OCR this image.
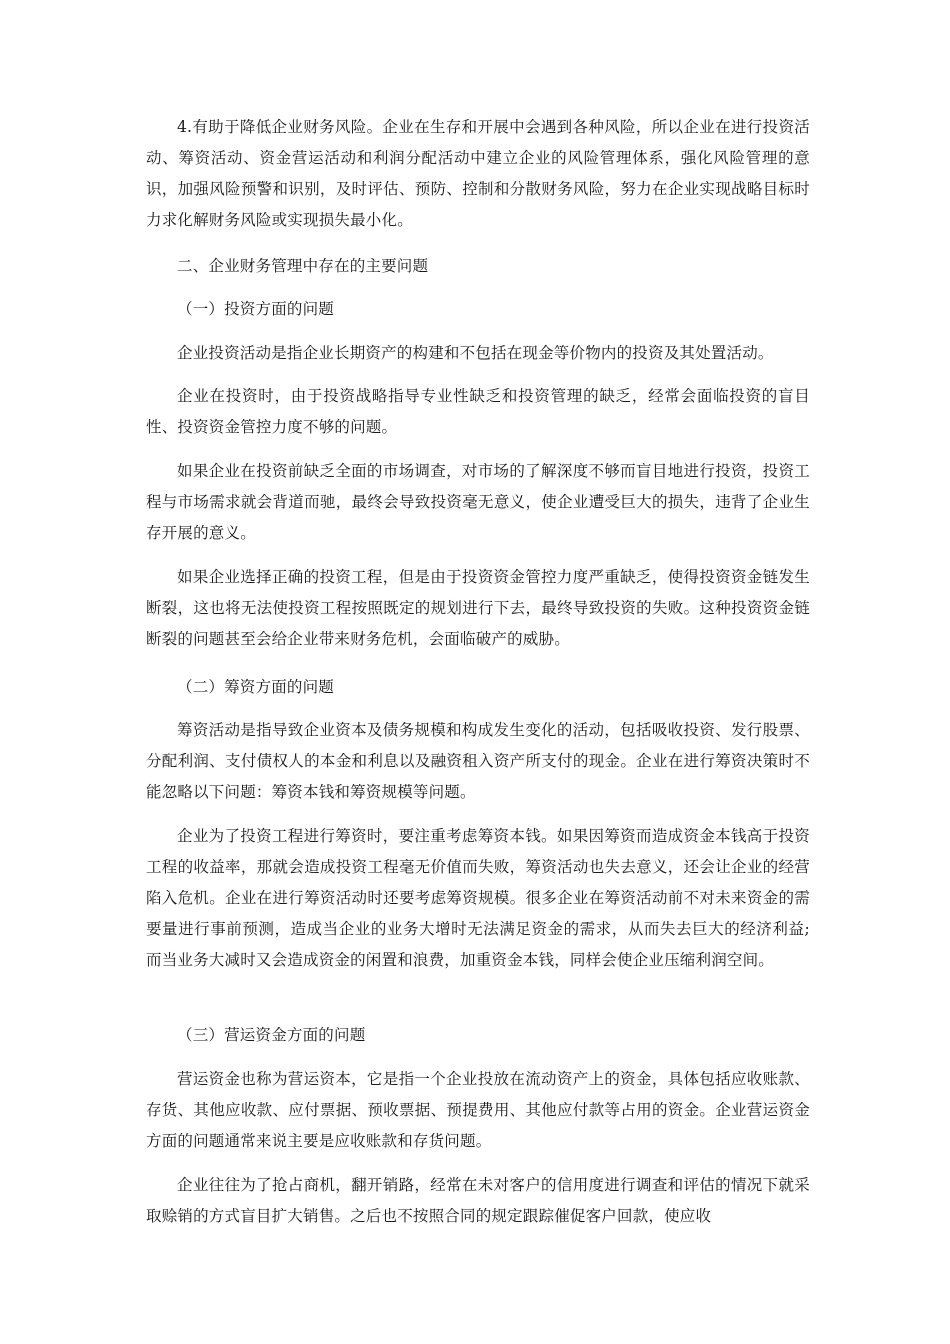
4.有助于降低企业财务风险。企业在生存和开展中会遇到各种风险，所以企业在进行投资活动、筹资活动、资金营运活动和利润分配活动中建立企业的风险管理体系，强化风险管理的意识，加强风险预警和识别，及时评估、预防、控制和分散财务风险，努力在企业实现战略目标时力求化解财务风险或实现损失最小化。

二、企业财务管理中存在的主要问题

（一）投资方面的问题

企业投资活动是指企业长期资产的构建和不包括在现金等价物内的投资及其处置活动。

企业在投资时，由于投资战略指导专业性缺乏和投资管理的缺乏，经常会面临投资的盲目性、投资资金管控力度不够的问题。

如果企业在投资前缺乏全面的市场调查，对市场的了解深度不够而盲目地进行投资，投资工程与市场需求就会背道而驰，最终会导致投资毫无意义，使企业遭受巨大的损失，违背了企业生存开展的意义。

如果企业选择正确的投资工程，但是由于投资资金管控力度严重缺乏，使得投资资金链发生断裂，这也将无法使投资工程按照既定的规划进行下去，最终导致投资的失败。这种投资资金链断裂的问题甚至会给企业带来财务危机，会面临破产的威胁。

（二）筹资方面的问题

筹资活动是指导致企业资本及债务规模和构成发生变化的活动，包括吸收投资、发行股票、分配利润、支付债权人的本金和利息以及融资租入资产所支付的现金。企业在进行筹资决策时不能忽略以下问题：筹资本钱和筹资规模等问题。

企业为了投资工程进行筹资时，要注重考虑筹资本钱。如果因筹资而造成资金本钱高于投资工程的收益率，那就会造成投资工程毫无价值而失败，筹资活动也失去意义，还会让企业的经营陷入危机。企业在进行筹资活动时还要考虑筹资规模。很多企业在筹资活动前不对未来资金的需要量进行事前预测，造成当企业的业务大增时无法满足资金的需求，从而失去巨大的经济利益;而当业务大减时又会造成资金的闲置和浪费，加重资金本钱，同样会使企业压缩利润空间。

（三）营运资金方面的问题

营运资金也称为营运资本，它是指一个企业投放在流动资产上的资金，具体包括应收账款、存货、其他应收款、应付票据、预收票据、预提费用、其他应付款等占用的资金。企业营运资金方面的问题通常来说主要是应收账款和存货问题。

企业往往为了抢占商机，翻开销路，经常在未对客户的信用度进行调查和评估的情况下就采取赊销的方式盲目扩大销售。之后也不按照合同的规定跟踪催促客户回款，使应收
